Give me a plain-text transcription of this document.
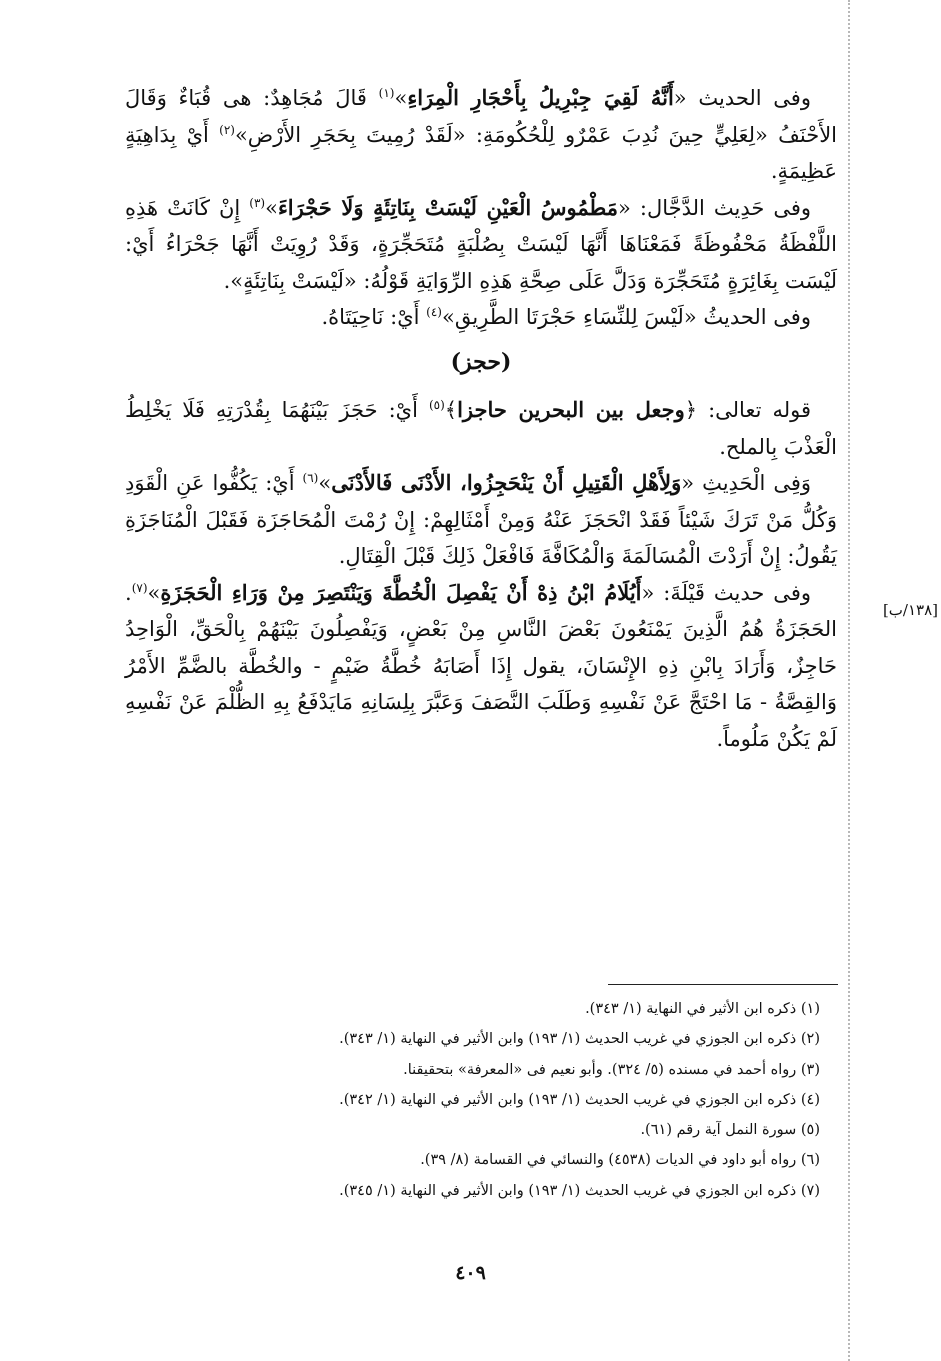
وفى الحديث «أَنَّهُ لَقِيَ جِبْرِيلُ بِأَحْجَارِ الْمِرَاءِ»$^{(١)}$ قَالَ مُجَاهِدٌ: هى قُبَاءٌ وَقَالَ الأَحْنَفُ «لِعَلِيٍّ حِينَ نُدِبَ عَمْرٌو لِلْحُكُومَةِ: «لَقَدْ رُمِيتَ بِحَجَرِ الأَرْضِ»$^{(٢)}$ أَيْ بِدَاهِيَةٍ عَظِيمَةٍ.

وفى حَدِيث الدَّجَّال: «مَطْمُوسُ الْعَيْنِ لَيْسَتْ بِنَاتِئَةٍ وَلَا حَجْرَاءَ»$^{(٣)}$ إِنْ كَانَتْ هَذِهِ اللَّفْظَةُ مَحْفُوظَةً فَمَعْنَاهَا أَنَّهَا لَيْسَتْ بِصُلْبَةٍ مُتَحَجِّرَةٍ، وَقَدْ رُوِيَتْ أَنَّهَا جَحْرَاءُ أَيْ: لَيْسَت بِغَائِرَةٍ مُتَحَجِّرَة وَدَلَّ عَلَى صِحَّةِ هَذِهِ الرِّوَايَةِ قَوْلُهُ: «لَيْسَتْ بِنَاتِئَةٍ».

وفى الحديثُ «لَيْسَ لِلنِّسَاءِ حَجْرَتَا الطَّرِيقِ»$^{(٤)}$ أَيْ: نَاحِيَتَاهُ.

(حجز)

قوله تعالى: ﴿وجعل بين البحرين حاجزا﴾$^{(٥)}$ أَيْ: حَجَزَ بَيْنَهُمَا بِقُدْرَتِهِ فَلَا يَخْلِطُ الْعَذْبَ بِالملح.

وَفِى الْحَدِيثِ «وَلِأَهْلِ الْقَتِيلِ أَنْ يَنْحَجِزُوا، الأَدْنَى فَالأَدْنَى»$^{(٦)}$ أَيْ: يَكُفُّوا عَنِ الْقَوَدِ وَكُلُّ مَنْ تَرَكَ شَيْئاً فَقَدْ انْحَجَزَ عَنْهُ وَمِنْ أَمْثَالِهِمْ: إِنْ رُمْتَ الْمُحَاجَزَة فَقَبْلَ الْمُنَاجَزَةِ يَقُولُ: إِنْ أَرَدْتَ الْمُسَالَمَةَ وَالْمُكَافَّةَ فَافْعَلْ ذَلِكَ قَبْلَ الْقِتَالِ.

وفى حديث قَيْلَةَ: «أَيُلَامُ ابْنُ ذِهْ أَنْ يَفْصِلَ الْخُطَّةَ وَيَنْتَصِرَ مِنْ وَرَاءِ الْحَجَزَةِ»$^{(٧)}$. الحَجَزَةُ هُمُ الَّذِينَ يَمْنَعُونَ بَعْضَ النَّاسِ مِنْ بَعْضٍ، وَيَفْصِلُونَ بَيْنَهُمْ بِالْحَقِّ، الْوَاحِدُ حَاجِزٌ، وَأَرَادَ بِابْنِ ذِهِ الإِنْسَانَ، يقول إِذَا أَصَابَهُ خُطَّةُ ضَيْمٍ - والخُطَّة بالضَّمِّ الأَمْرُ وَالقِصَّةُ - مَا احْتَجَّ عَنْ نَفْسِهِ وَطَلَبَ النَّصَفَ وَعَبَّرَ بِلِسَانِهِ مَايَدْفَعُ بِهِ الظُّلْمَ عَنْ نَفْسِهِ لَمْ يَكُنْ مَلُوماً.

[١٣٨/ب]

(١) ذكره ابن الأثير في النهاية (١/ ٣٤٣).

(٢) ذكره ابن الجوزي في غريب الحديث (١/ ١٩٣) وابن الأثير في النهاية (١/ ٣٤٣).

(٣) رواه أحمد في مسنده (٥/ ٣٢٤). وأبو نعيم فى «المعرفة» بتحقيقنا.

(٤) ذكره ابن الجوزي في غريب الحديث (١/ ١٩٣) وابن الأثير في النهاية (١/ ٣٤٢).

(٥) سورة النمل آية رقم (٦١).

(٦) رواه أبو داود في الديات (٤٥٣٨) والنسائي في القسامة (٨/ ٣٩).

(٧) ذكره ابن الجوزي في غريب الحديث (١/ ١٩٣) وابن الأثير في النهاية (١/ ٣٤٥).

٤٠٩
